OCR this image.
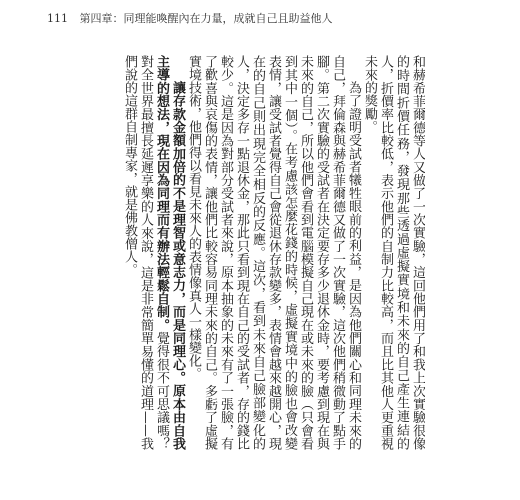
111 第四章：同理能喚醒內在力量，成就自己且助益他人

和赫希菲爾德等人又做了一次實驗，這回他們用了和我上次實驗很像的時間折價任務，發現那些透過虛擬實境和未來的自己產生連結的人，折價率比較低，表示他們的自制力比較高，而且比其他人更重視未來的獎勵。

為了證明受試者犧牲眼前的利益，是因為他們關心和同理未來的自己，拜倫森與赫希菲爾德又做了一次實驗，這次他們稍微動了點手腳。第二次實驗的受試者在決定要存多少退休金時，要考慮到現在與未來的自己，所以他們會看到電腦模擬自己現在或未來的臉（只會看到其中一個）。在考慮該怎麼花錢的時候，虛擬實境中的臉也會改變表情，讓受試者覺得自己會從退休存款變多，表情會越來越開心，現在的自己則出現完全相反的反應。這次，看到未來自己臉部變化的人，決定多存一點退休金，那此只看到現在自己的受試者，存的錢比較少。這是因為對部分受試者來說，原本抽象的未來有了一張臉，有了歡喜與哀傷的表情，讓他們比較容易同理未來的自己。多虧了虛擬實境技術，他們得以看見未來人的表情像真人一樣變化。

讓存款金額加倍的不是理智或意志力，而是同理心。原本由自我主導的想法，現在因為同理而有辦法輕鬆自制。覺得很不可思議嗎？對全世界最擅長延遲享樂的人來說，這是非常簡單易懂的道理——我們說的這群自制專家，就是佛教僧人。
